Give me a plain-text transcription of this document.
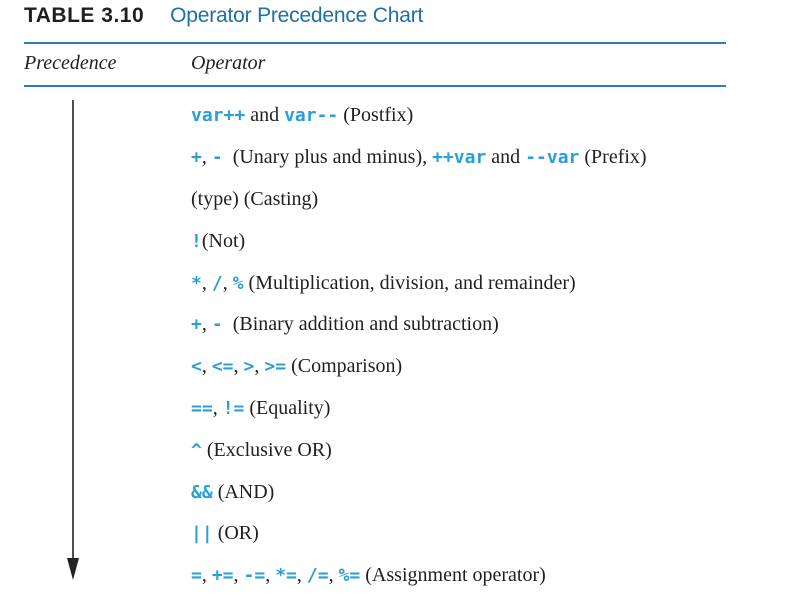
TABLE 3.10 Operator Precedence Chart
Precedence	Operator
var++ and var-- (Postfix)
+ , - (Unary plus and minus), ++var and --var (Prefix)
(type) (Casting)
! (Not)
* , / , % (Multiplication, division, and remainder)
+ , - (Binary addition and subtraction)
< , <= , > , >= (Comparison)
== , != (Equality)
^ (Exclusive OR)
&& (AND)
|| (OR)
= , += , -= , *= , /= , %= (Assignment operator)
